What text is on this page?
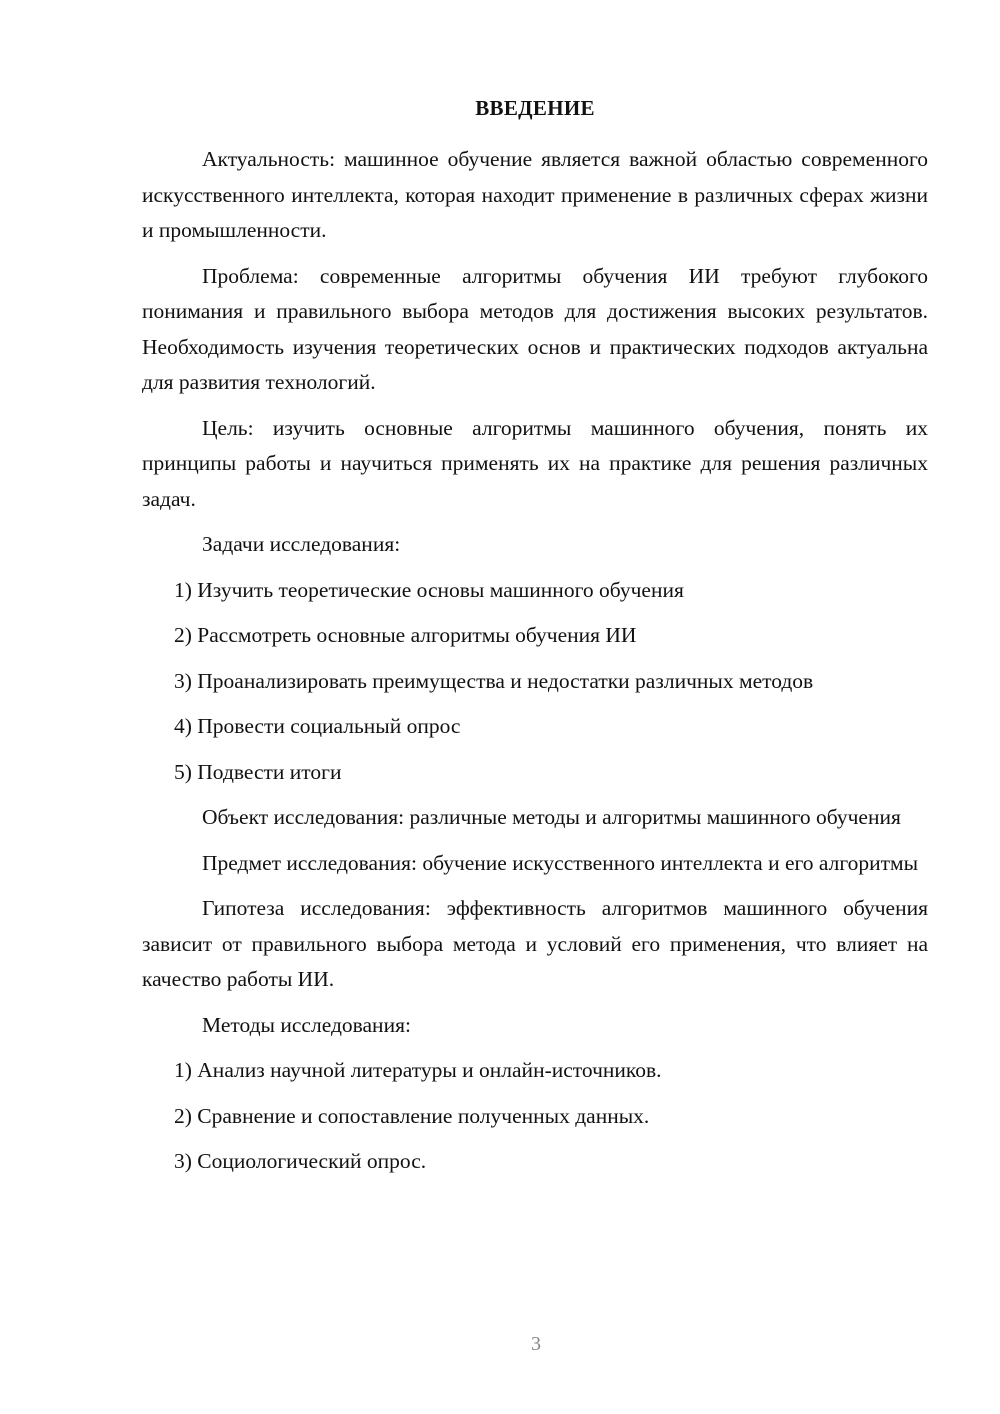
ВВЕДЕНИЕ

Актуальность: машинное обучение является важной областью современного искусственного интеллекта, которая находит применение в различных сферах жизни и промышленности.

Проблема: современные алгоритмы обучения ИИ требуют глубокого понимания и правильного выбора методов для достижения высоких результатов. Необходимость изучения теоретических основ и практических подходов актуальна для развития технологий.

Цель: изучить основные алгоритмы машинного обучения, понять их принципы работы и научиться применять их на практике для решения различных задач.

Задачи исследования:

1) Изучить теоретические основы машинного обучения
2) Рассмотреть основные алгоритмы обучения ИИ
3) Проанализировать преимущества и недостатки различных методов
4) Провести социальный опрос
5) Подвести итоги

Объект исследования: различные методы и алгоритмы машинного обучения

Предмет исследования: обучение искусственного интеллекта и его алгоритмы

Гипотеза исследования: эффективность алгоритмов машинного обучения зависит от правильного выбора метода и условий его применения, что влияет на качество работы ИИ.

Методы исследования:

1) Анализ научной литературы и онлайн-источников.
2) Сравнение и сопоставление полученных данных.
3) Социологический опрос.
3
